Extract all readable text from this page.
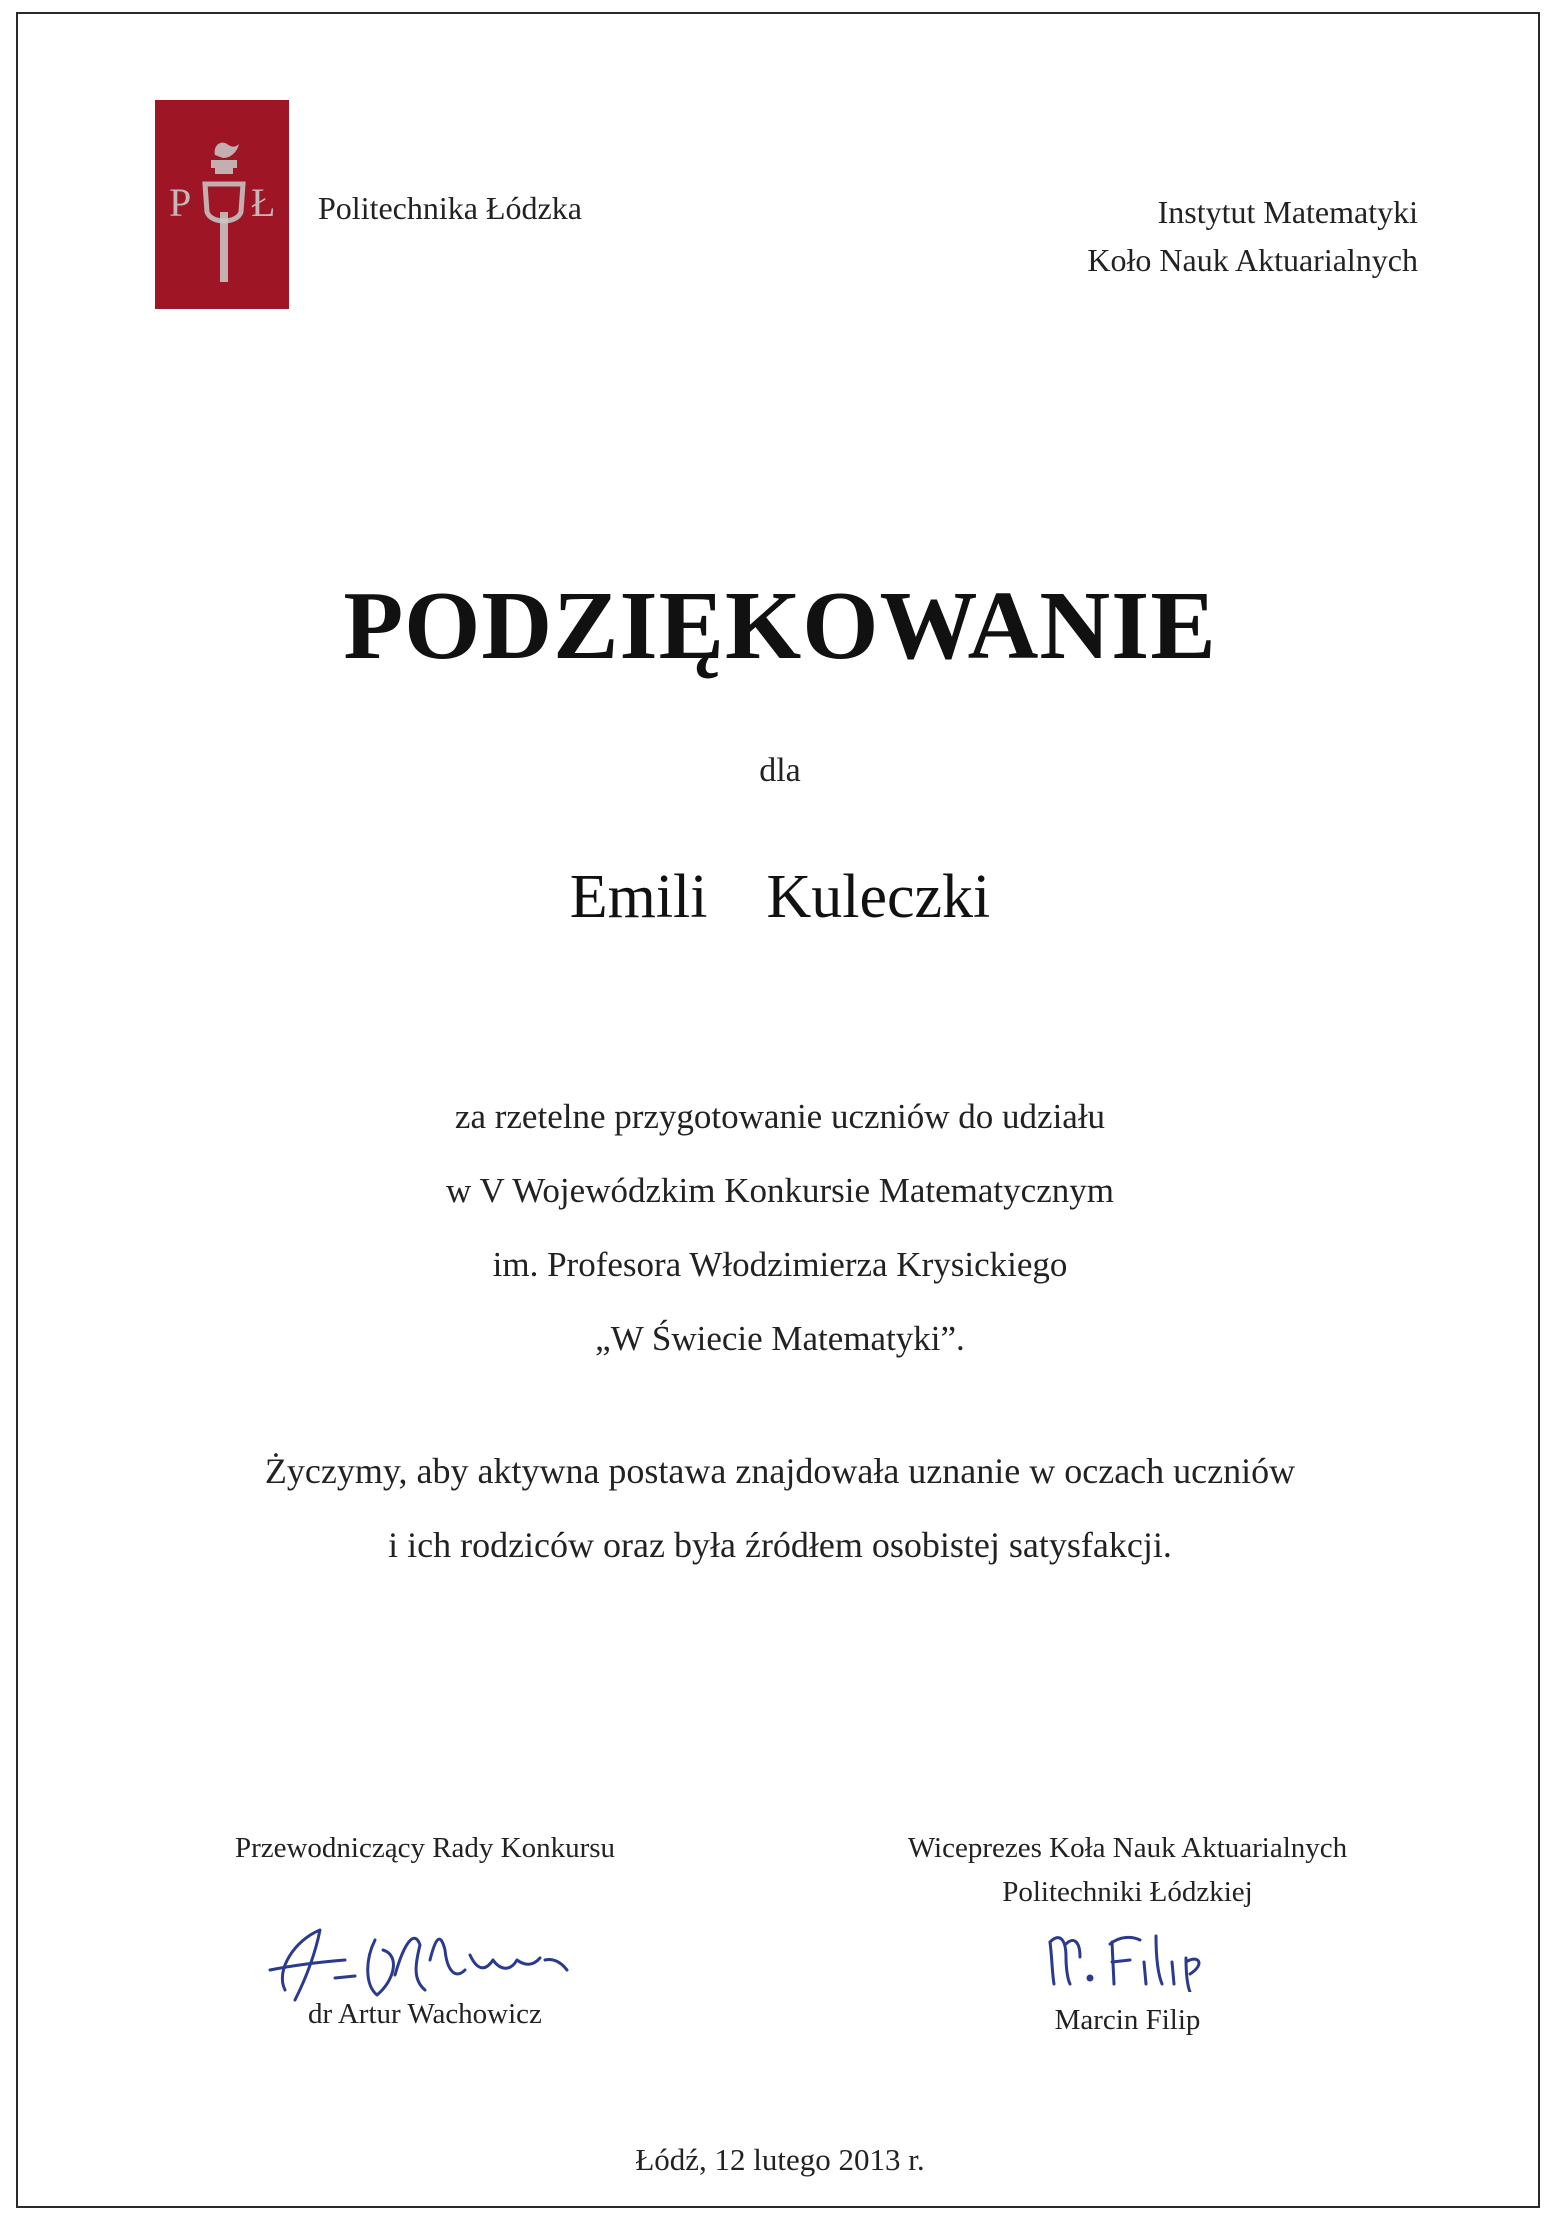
P Ł Politechnika Łódzka	Instytut Matematyki
Koło Nauk Aktuarialnych
PODZIĘKOWANIE
dla
Emili  Kuleczki
za rzetelne przygotowanie uczniów do udziału
w V Wojewódzkim Konkursie Matematycznym
im. Profesora Włodzimierza Krysickiego
„W Świecie Matematyki”.
Życzymy, aby aktywna postawa znajdowała uznanie w oczach uczniów
i ich rodziców oraz była źródłem osobistej satysfakcji.
Przewodniczący Rady Konkursu
dr Artur Wachowicz
Wiceprezes Koła Nauk Aktuarialnych
Politechniki Łódzkiej
Marcin Filip
Łódź, 12 lutego 2013 r.
